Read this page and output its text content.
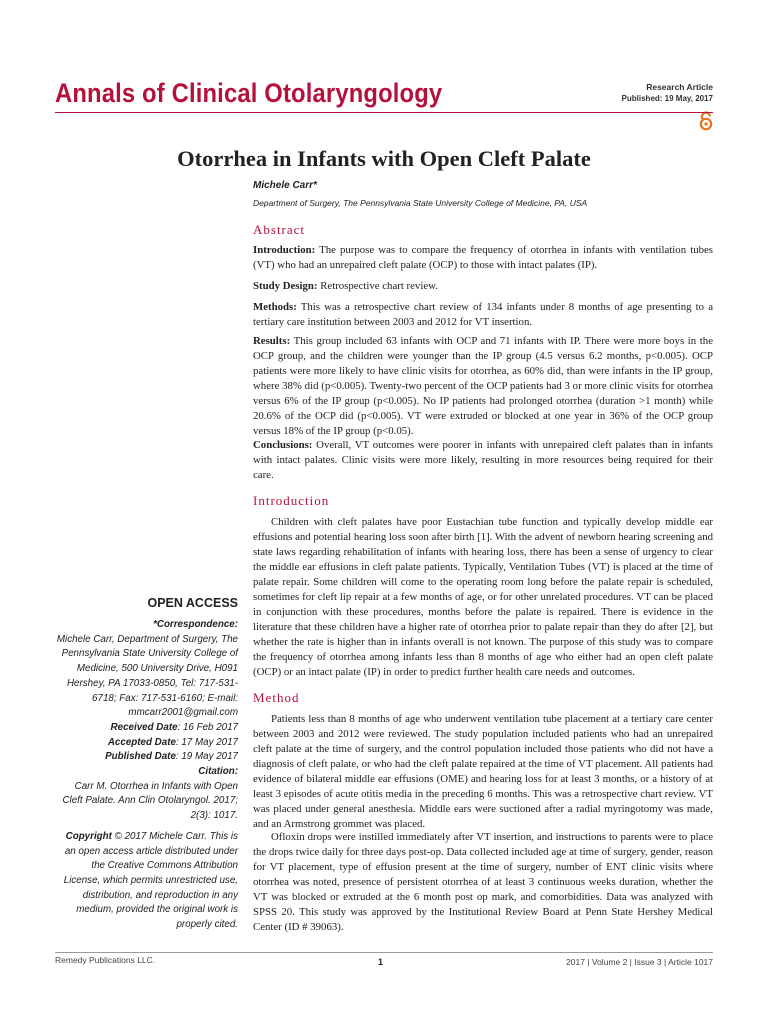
Annals of Clinical Otolaryngology	Research Article
Published: 19 May, 2017
Otorrhea in Infants with Open Cleft Palate
Michele Carr*
Department of Surgery, The Pennsylvania State University College of Medicine, PA, USA
Abstract
Introduction: The purpose was to compare the frequency of otorrhea in infants with ventilation tubes (VT) who had an unrepaired cleft palate (OCP) to those with intact palates (IP).
Study Design: Retrospective chart review.
Methods: This was a retrospective chart review of 134 infants under 8 months of age presenting to a tertiary care institution between 2003 and 2012 for VT insertion.
Results: This group included 63 infants with OCP and 71 infants with IP. There were more boys in the OCP group, and the children were younger than the IP group (4.5 versus 6.2 months, p<0.005). OCP patients were more likely to have clinic visits for otorrhea, as 60% did, than were infants in the IP group, where 38% did (p<0.005). Twenty-two percent of the OCP patients had 3 or more clinic visits for otorrhea versus 6% of the IP group (p<0.005). No IP patients had prolonged otorrhea (duration >1 month) while 20.6% of the OCP did (p<0.005). VT were extruded or blocked at one year in 36% of the OCP group versus 18% of the IP group (p<0.05).
Conclusions: Overall, VT outcomes were poorer in infants with unrepaired cleft palates than in infants with intact palates. Clinic visits were more likely, resulting in more resources being required for their care.
Introduction
Children with cleft palates have poor Eustachian tube function and typically develop middle ear effusions and potential hearing loss soon after birth [1]. With the advent of newborn hearing screening and state laws regarding rehabilitation of infants with hearing loss, there has been a sense of urgency to clear the middle ear effusions in cleft palate patients. Typically, Ventilation Tubes (VT) is placed at the time of palate repair. Some children will come to the operating room long before the palate repair is scheduled, sometimes for cleft lip repair at a few months of age, or for other unrelated procedures. VT can be placed in conjunction with these procedures, months before the palate is repaired. There is evidence in the literature that these children have a higher rate of otorrhea prior to palate repair than they do after [2], but whether the rate is higher than in infants overall is not known. The purpose of this study was to compare the frequency of otorrhea among infants less than 8 months of age who either had an open cleft palate (OCP) or an intact palate (IP) in order to predict further health care needs and outcomes.
Method
Patients less than 8 months of age who underwent ventilation tube placement at a tertiary care center between 2003 and 2012 were reviewed. The study population included patients who had an unrepaired cleft palate at the time of surgery, and the control population included those patients who did not have a diagnosis of cleft palate, or who had the cleft palate repaired at the time of VT placement. All patients had evidence of bilateral middle ear effusions (OME) and hearing loss for at least 3 months, or a history of at least 3 episodes of acute otitis media in the preceding 6 months. This was a retrospective chart review. VT was placed under general anesthesia. Middle ears were suctioned after a radial myringotomy was made, and an Armstrong grommet was placed.
Ofloxin drops were instilled immediately after VT insertion, and instructions to parents were to place the drops twice daily for three days post-op. Data collected included age at time of surgery, gender, reason for VT placement, type of effusion present at the time of surgery, number of ENT clinic visits where otorrhea was noted, presence of persistent otorrhea of at least 3 continuous weeks duration, whether the VT was blocked or extruded at the 6 month post op mark, and comorbidities. Data was analyzed with SPSS 20. This study was approved by the Institutional Review Board at Penn State Hershey Medical Center (ID # 39063).
OPEN ACCESS
*Correspondence:
Michele Carr, Department of Surgery, The Pennsylvania State University College of Medicine, 500 University Drive, H091 Hershey, PA 17033-0850, Tel: 717-531-6718; Fax: 717-531-6160; E-mail: mmcarr2001@gmail.com
Received Date: 16 Feb 2017
Accepted Date: 17 May 2017
Published Date: 19 May 2017
Citation:
Carr M. Otorrhea in Infants with Open Cleft Palate. Ann Clin Otolaryngol. 2017; 2(3): 1017.
Copyright © 2017 Michele Carr. This is an open access article distributed under the Creative Commons Attribution License, which permits unrestricted use, distribution, and reproduction in any medium, provided the original work is properly cited.
Remedy Publications LLC.	1	2017 | Volume 2 | Issue 3 | Article 1017
